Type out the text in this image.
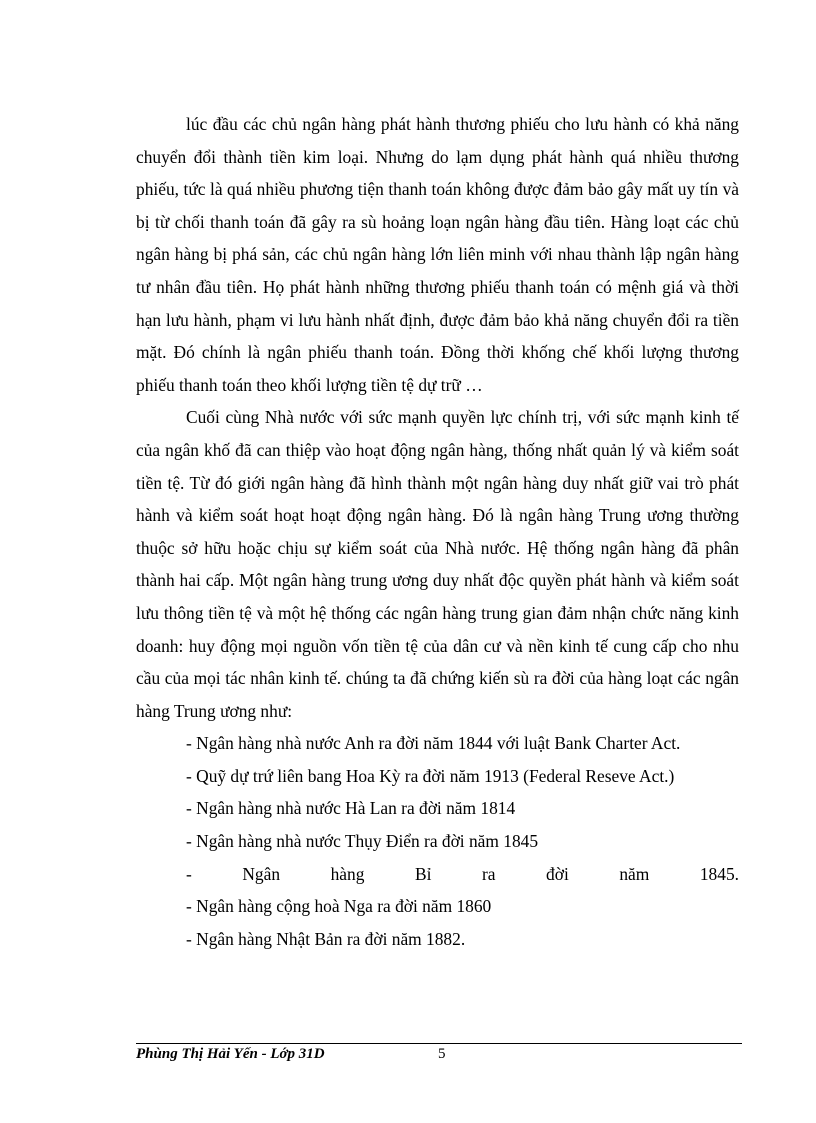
lúc đầu các chủ ngân hàng phát hành thương phiếu cho lưu hành có khả năng chuyển đổi thành tiền kim loại. Nhưng do lạm dụng phát hành quá nhiều thương phiếu, tức là quá nhiều phương tiện thanh toán không được đảm bảo gây mất uy tín và bị từ chối thanh toán đã gây ra sù hoảng loạn ngân hàng đầu tiên. Hàng loạt các chủ ngân hàng bị phá sản, các chủ ngân hàng lớn liên minh với nhau thành lập ngân hàng tư nhân đầu tiên. Họ phát hành những thương phiếu thanh toán có mệnh giá và thời hạn lưu hành, phạm vi lưu hành nhất định, được đảm bảo khả năng chuyển đổi ra tiền mặt. Đó chính là ngân phiếu thanh toán. Đồng thời khống chế khối lượng thương phiếu thanh toán theo khối lượng tiền tệ dự trữ …

Cuối cùng Nhà nước với sức mạnh quyền lực chính trị, với sức mạnh kinh tế của ngân khố đã can thiệp vào hoạt động ngân hàng, thống nhất quản lý và kiểm soát tiền tệ. Từ đó giới ngân hàng đã hình thành một ngân hàng duy nhất giữ vai trò phát hành và kiểm soát hoạt hoạt động ngân hàng. Đó là ngân hàng Trung ương thường thuộc sở hữu hoặc chịu sự kiểm soát của Nhà nước. Hệ thống ngân hàng đã phân thành hai cấp. Một ngân hàng trung ương duy nhất độc quyền phát hành và kiểm soát lưu thông tiền tệ và một hệ thống các ngân hàng trung gian đảm nhận chức năng kinh doanh: huy động mọi nguồn vốn tiền tệ của dân cư và nền kinh tế cung cấp cho nhu cầu của mọi tác nhân kinh tế. chúng ta đã chứng kiến sù ra đời của hàng loạt các ngân hàng Trung ương như:

- Ngân hàng nhà nước Anh ra đời năm 1844 với luật Bank Charter Act.
- Quỹ dự trứ liên bang Hoa Kỳ ra đời năm 1913 (Federal Reseve Act.)
- Ngân hàng nhà nước Hà Lan ra đời năm 1814
- Ngân hàng nhà nước Thụy Điển ra đời năm 1845
- Ngân hàng Bỉ ra đời năm 1845.
- Ngân hàng cộng hoà Nga ra đời năm 1860
- Ngân hàng Nhật Bản ra đời năm 1882.
Phùng Thị Hải Yến - Lớp 31D	5
